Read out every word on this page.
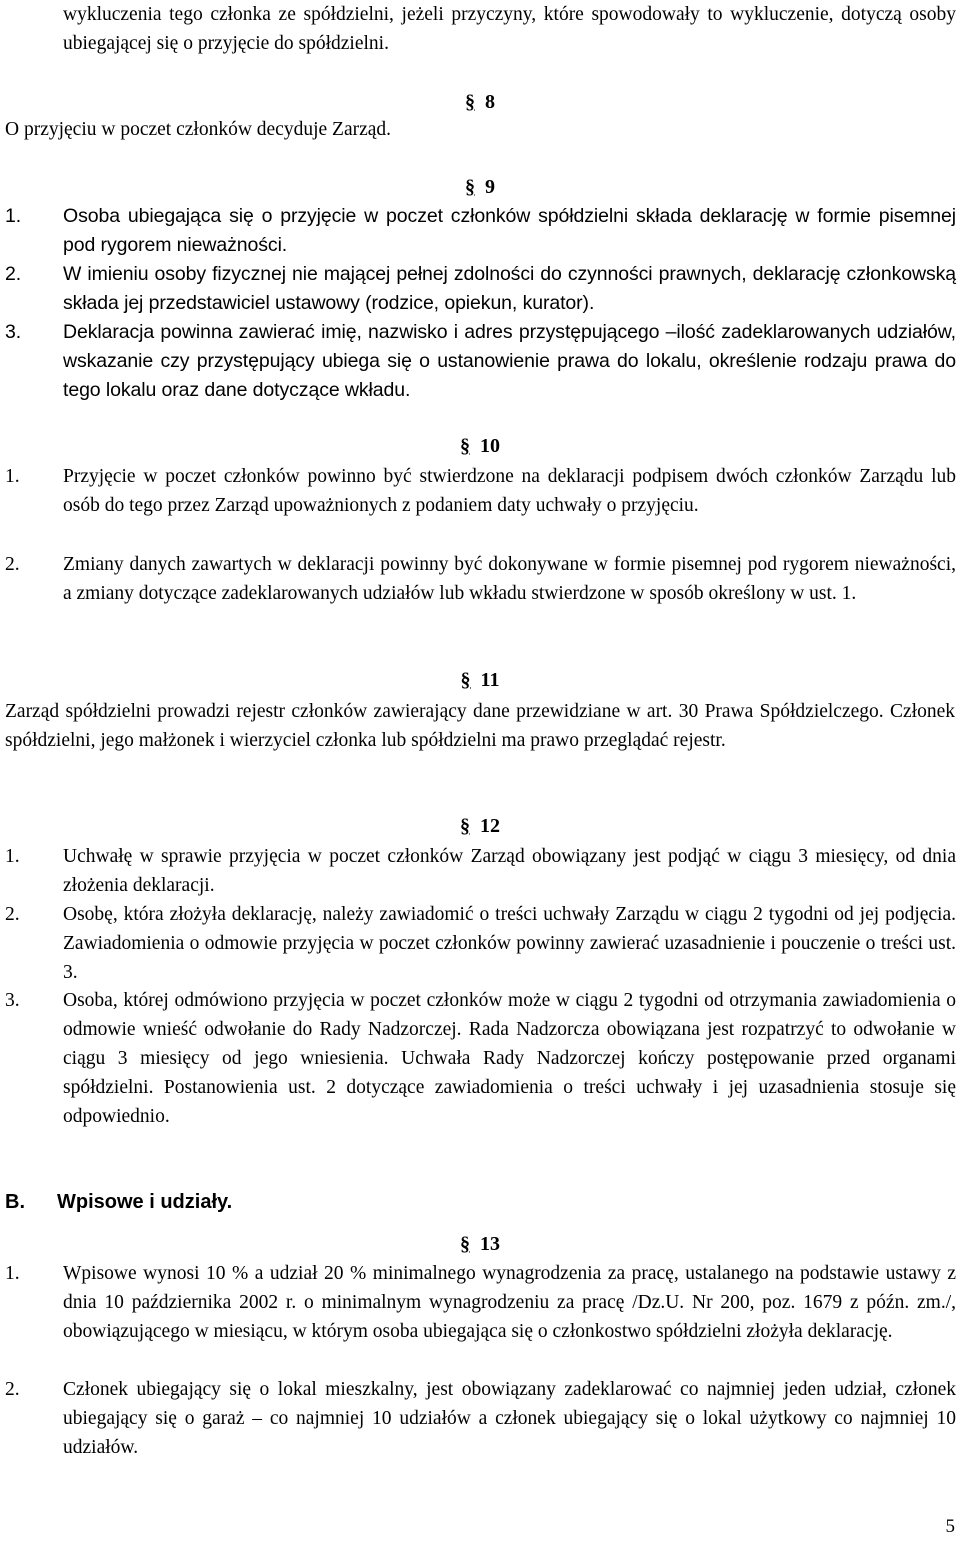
wykluczenia tego członka ze spółdzielni, jeżeli przyczyny, które spowodowały to wykluczenie, dotyczą osoby ubiegającej się o przyjęcie do spółdzielni.

§ 8

O przyjęciu w poczet członków decyduje Zarząd.

§ 9
1. Osoba ubiegająca się o przyjęcie w poczet członków spółdzielni składa deklarację w formie pisemnej pod rygorem nieważności.

2. W imieniu osoby fizycznej nie mającej pełnej zdolności do czynności prawnych, deklarację członkowską składa jej przedstawiciel ustawowy (rodzice, opiekun, kurator).

3. Deklaracja powinna zawierać imię, nazwisko i adres przystępującego –ilość zadeklarowanych udziałów, wskazanie czy przystępujący ubiega się o ustanowienie prawa do lokalu, określenie rodzaju prawa do tego lokalu oraz dane dotyczące wkładu.

§ 10
1. Przyjęcie w poczet członków powinno być stwierdzone na deklaracji podpisem dwóch członków Zarządu lub osób do tego przez Zarząd upoważnionych z podaniem daty uchwały o przyjęciu.

2. Zmiany danych zawartych w deklaracji powinny być dokonywane w formie pisemnej pod rygorem nieważności, a zmiany dotyczące zadeklarowanych udziałów lub wkładu stwierdzone w sposób określony w ust. 1.

§ 11

Zarząd spółdzielni prowadzi rejestr członków zawierający dane przewidziane w art. 30 Prawa Spółdzielczego. Członek spółdzielni, jego małżonek i wierzyciel członka lub spółdzielni ma prawo przeglądać rejestr.

§ 12
1. Uchwałę w sprawie przyjęcia w poczet członków Zarząd obowiązany jest podjąć w ciągu 3 miesięcy, od dnia złożenia deklaracji.

2. Osobę, która złożyła deklarację, należy zawiadomić o treści uchwały Zarządu w ciągu 2 tygodni od jej podjęcia. Zawiadomienia o odmowie przyjęcia w poczet członków powinny zawierać uzasadnienie i pouczenie o treści ust. 3.

3. Osoba, której odmówiono przyjęcia w poczet członków może w ciągu 2 tygodni od otrzymania zawiadomienia o odmowie wnieść odwołanie do Rady Nadzorczej. Rada Nadzorcza obowiązana jest rozpatrzyć to odwołanie w ciągu 3 miesięcy od jego wniesienia. Uchwała Rady Nadzorczej kończy postępowanie przed organami spółdzielni. Postanowienia ust. 2 dotyczące zawiadomienia o treści uchwały i jej uzasadnienia stosuje się odpowiednio.

B. Wpisowe i udziały.
§ 13
1. Wpisowe wynosi 10 % a udział 20 % minimalnego wynagrodzenia za pracę, ustalanego na podstawie ustawy z dnia 10 października 2002 r. o minimalnym wynagrodzeniu za pracę /Dz.U. Nr 200, poz. 1679 z późn. zm./, obowiązującego w miesiącu, w którym osoba ubiegająca się o członkostwo spółdzielni złożyła deklarację.

2. Członek ubiegający się o lokal mieszkalny, jest obowiązany zadeklarować co najmniej jeden udział, członek ubiegający się o garaż – co najmniej 10 udziałów a członek ubiegający się o lokal użytkowy co najmniej 10 udziałów.

5
